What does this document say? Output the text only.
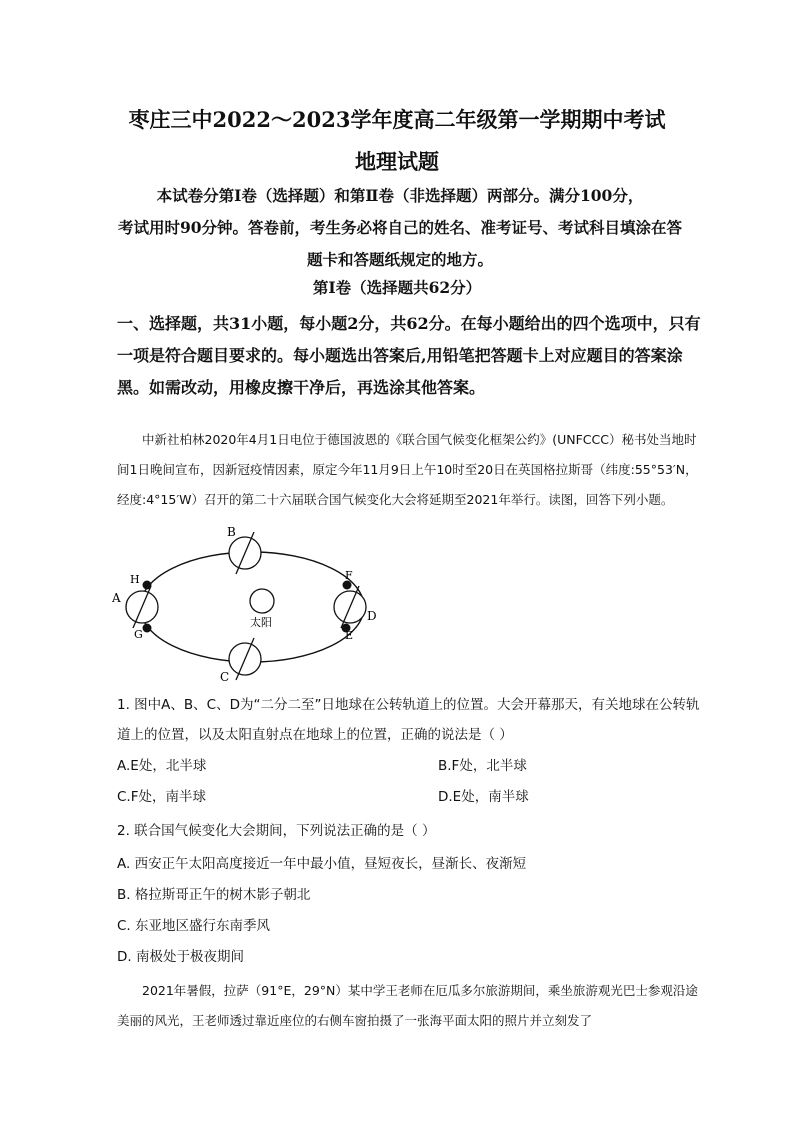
枣庄三中2022～2023学年度高二年级第一学期期中考试
地理试题
本试卷分第Ⅰ卷（选择题）和第Ⅱ卷（非选择题）两部分。满分100分，
考试用时90分钟。答卷前，考生务必将自己的姓名、准考证号、考试科目填涂在答
题卡和答题纸规定的地方。
第Ⅰ卷（选择题共62分）
一、选择题，共31小题，每小题2分，共62分。在每小题给出的四个选项中，只有一项是符合题目要求的。每小题选出答案后,用铅笔把答题卡上对应题目的答案涂黑。如需改动，用橡皮擦干净后，再选涂其他答案。
中新社柏林2020年4月1日电位于德国波恩的《联合国气候变化框架公约》(UNFCCC）秘书处当地时间1日晚间宣布，因新冠疫情因素，原定今年11月9日上午10时至20日在英国格拉斯哥（纬度:55°53′N，经度:4°15′W）召开的第二十六届联合国气候变化大会将延期至2021年举行。读图，回答下列小题。
太阳
B
C
A
H
G
D
F
E
1. 图中A、B、C、D为“二分二至”日地球在公转轨道上的位置。大会开幕那天，有关地球在公转轨道上的位置，以及太阳直射点在地球上的位置，正确的说法是（ ）
A.E处，北半球	B.F处，北半球
C.F处，南半球	D.E处，南半球
2. 联合国气候变化大会期间，下列说法正确的是（ ）
A. 西安正午太阳高度接近一年中最小值，昼短夜长，昼渐长、夜渐短
B. 格拉斯哥正午的树木影子朝北
C. 东亚地区盛行东南季风
D. 南极处于极夜期间
2021年暑假，拉萨（91°E，29°N）某中学王老师在厄瓜多尔旅游期间，乘坐旅游观光巴士参观沿途美丽的风光，王老师透过靠近座位的右侧车窗拍摄了一张海平面太阳的照片并立刻发了
